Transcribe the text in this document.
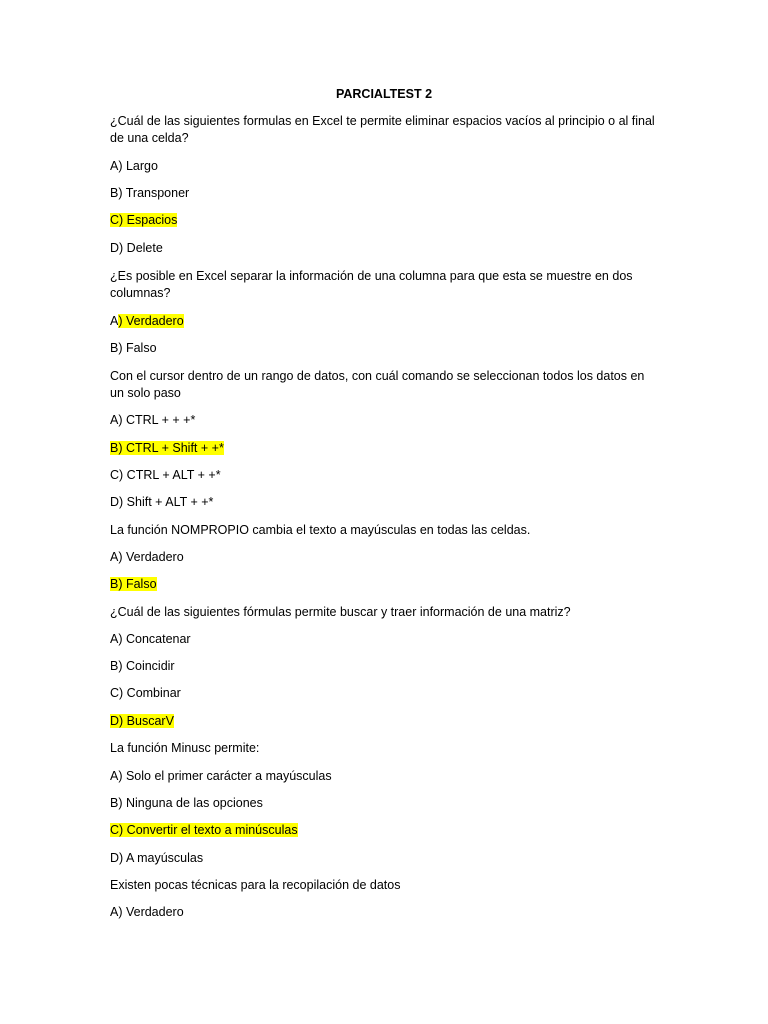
PARCIALTEST 2
¿Cuál de las siguientes formulas en Excel te permite eliminar espacios vacíos al principio o al final de una celda?
A) Largo
B) Transponer
C) Espacios
D) Delete
¿Es posible en Excel separar la información de una columna para que esta se muestre en dos columnas?
A) Verdadero
B) Falso
Con el cursor dentro de un rango de datos, con cuál comando se seleccionan todos los datos en un solo paso
A) CTRL + + +*
B) CTRL + Shift + +*
C) CTRL + ALT + +*
D) Shift + ALT + +*
La función NOMPROPIO cambia el texto a mayúsculas en todas las celdas.
A) Verdadero
B) Falso
¿Cuál de las siguientes fórmulas permite buscar y traer información de una matriz?
A) Concatenar
B) Coincidir
C) Combinar
D) BuscarV
La función Minusc permite:
A) Solo el primer carácter a mayúsculas
B) Ninguna de las opciones
C) Convertir el texto a minúsculas
D) A mayúsculas
Existen pocas técnicas para la recopilación de datos
A) Verdadero
